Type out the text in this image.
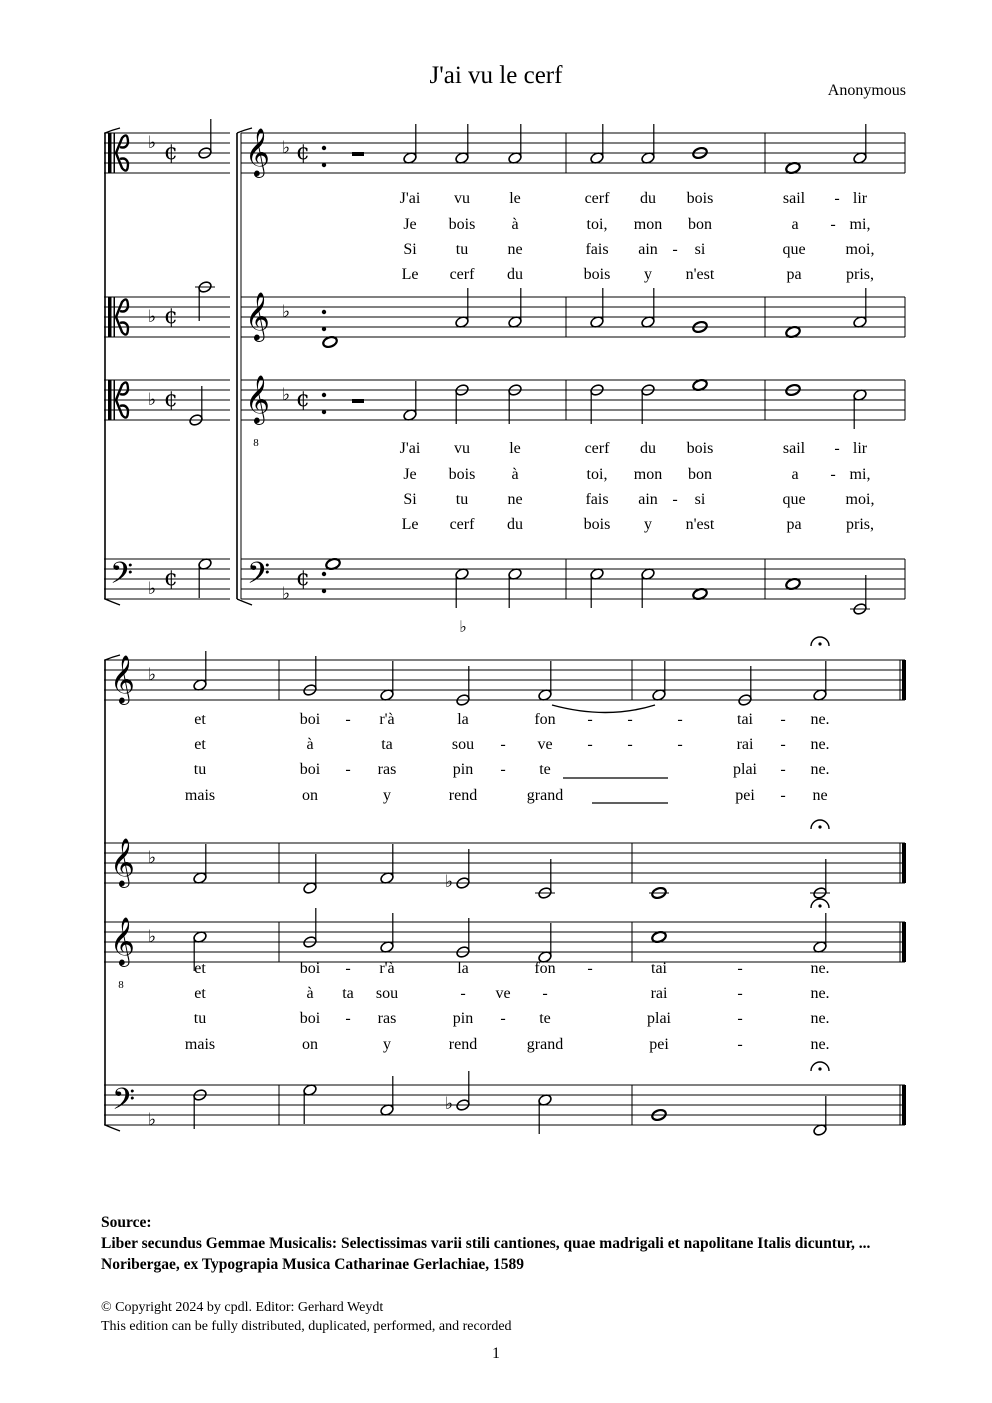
J'ai vu le cerf
Anonymous
♭ ¢ 𝄞 ♭ ¢
♭ ¢ 𝄞 ♭
♭ ¢ 𝄞
8
♭ ¢
𝄢 ♭ ¢ 𝄢 ♭
¢
J'ai vu le	cerf du bois	sail - lir
J'ai vu le	cerf du bois	sail - lir
Je bois à	toi, mon bon	a - mi,
Je bois à	toi, mon bon	a - mi,
Si tu ne	fais ain - si	que	moi,
Si tu ne	fais ain - si	que	moi,
Le cerf du	bois y n'est	pa	pris,
Le cerf du	bois y n'est	pa	pris,
𝄞 ♭
𝄞 ♭
𝄞
8
♭
𝄢 ♭
♭
♭
♭
et	boi - r'à	la	fon - -	-	tai - ne.
et	à	ta	sou - ve - -	-	rai - ne.
tu	boi - ras	pin - te	plai - ne.
mais	on	y	rend	grand	pei - ne
et	boi - r'à	la	fon -	tai	-	ne.
et	à ta sou	- ve -	rai	-	ne.
tu	boi - ras	pin - te	plai	-	ne.
mais	on	y	rend	grand	pei	-	ne.
Source:
Liber secundus Gemmae Musicalis: Selectissimas varii stili cantiones, quae madrigali et napolitane Italis dicuntur, ... Noribergae, ex Typograpia Musica Catharinae Gerlachiae, 1589
© Copyright 2024 by cpdl. Editor: Gerhard Weydt
This edition can be fully distributed, duplicated, performed, and recorded
1
